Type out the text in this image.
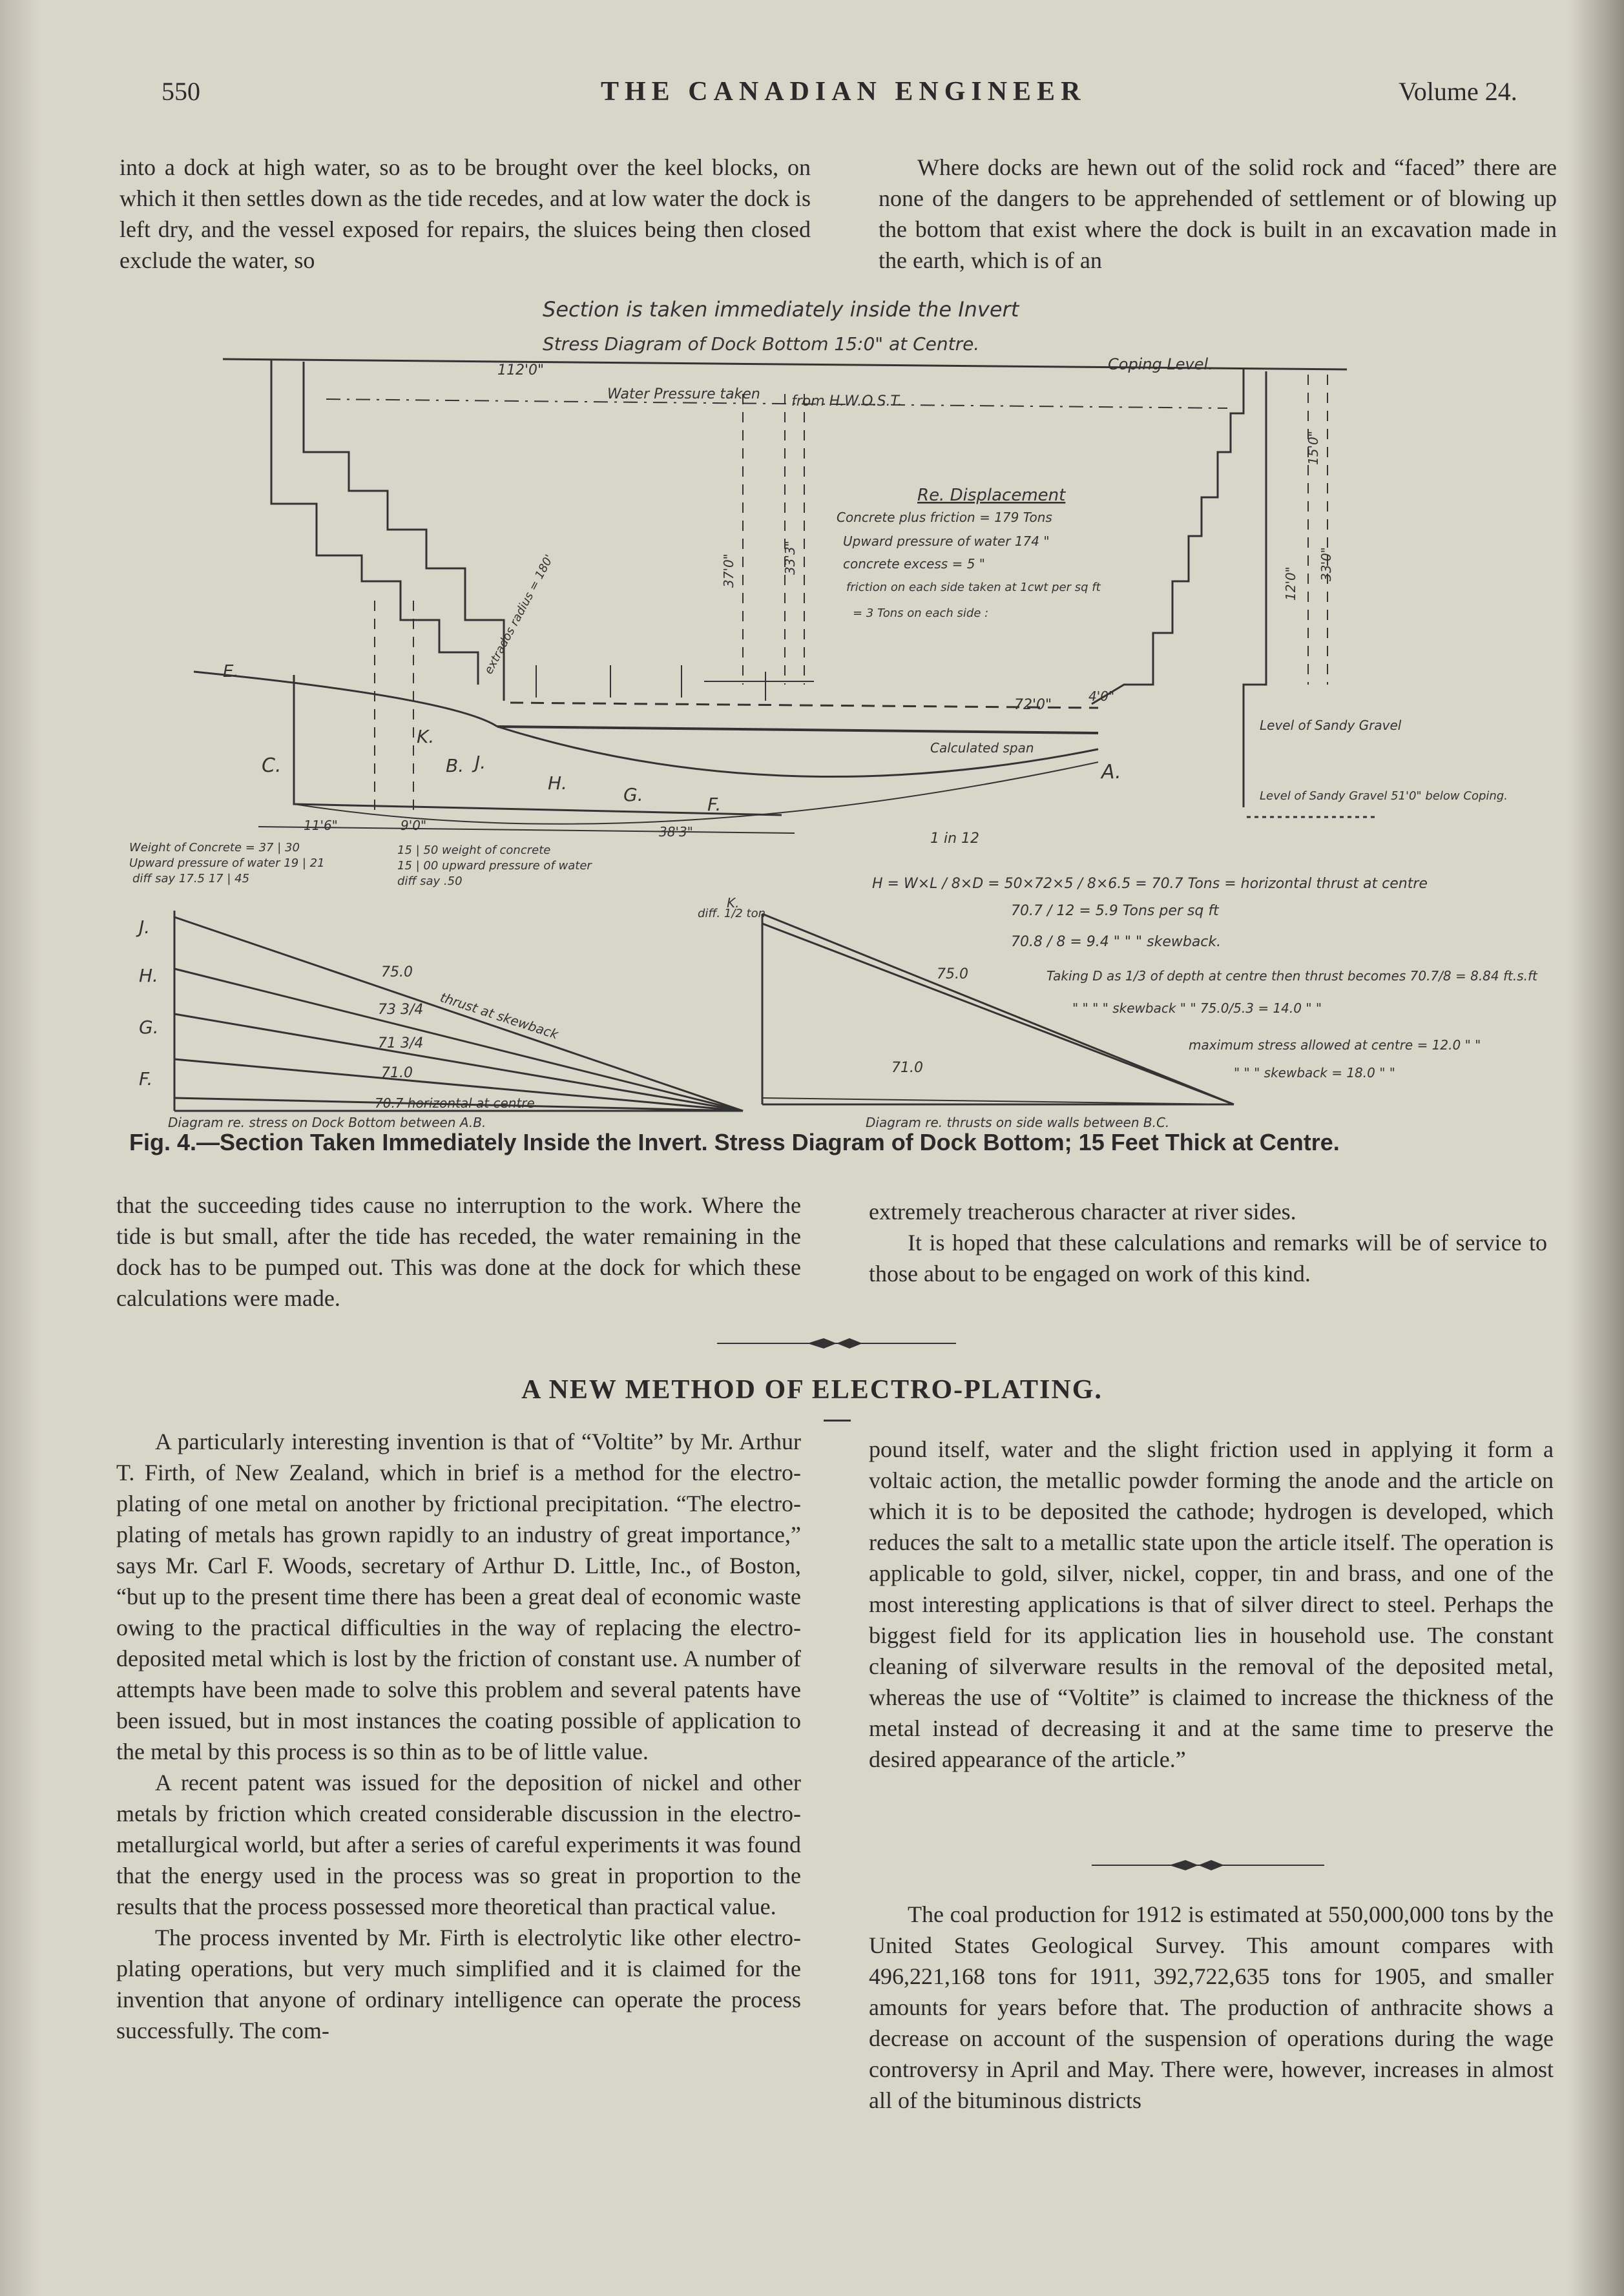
550	THE CANADIAN ENGINEER	Volume 24.

into a dock at high water, so as to be brought over the keel blocks, on which it then settles down as the tide recedes, and at low water the dock is left dry, and the vessel exposed for repairs, the sluices being then closed exclude the water, so

Where docks are hewn out of the solid rock and “faced” there are none of the dangers to be apprehended of settlement or of blowing up the bottom that exist where the dock is built in an excavation made in the earth, which is of an

Section is taken immediately inside the Invert
Stress Diagram of Dock Bottom 15:0" at Centre.
112'0"	Coping Level.
Water Pressure taken from H.W.O.S.T.
Re. Displacement
Concrete plus friction = 179 Tons
Upward pressure of water 174 "
concrete excess = 5 "
friction on each side taken at 1cwt per sq ft
= 3 Tons on each side :
37'0"	33'3"
72'0"
Calculated span
extrados radius = 180'
Level of Sandy Gravel
Level of Sandy Gravel 51'0" below Coping.
1 in 12
38'3"
11'6"	9'0"
15'0"
12'0"
33'0"
4'0"
C.
K.
B. J.
H.
G.	F.
A.
E.
Weight of Concrete = 37 | 30
Upward pressure of water 19 | 21
diff say 17.5 17 | 45
15 | 50 weight of concrete
15 | 00 upward pressure of water
diff say .50	H = W×L / 8×D = 50×72×5 / 8×6.5 = 70.7 Tons = horizontal thrust at centre
70.7 / 12 = 5.9 Tons per sq ft
70.8 / 8 = 9.4 " " " skewback.
Taking D as 1/3 of depth at centre then thrust becomes 70.7/8 = 8.84 ft.s.ft
" " " " skewback " " 75.0/5.3 = 14.0 " "
maximum stress allowed at centre = 12.0 " "
" " " skewback = 18.0 " "
J.
H.
G.
F.
75.0
73 3/4
71 3/4
71.0
70.7 horizontal at centre
thrust at skewback
Diagram re. stress on Dock Bottom between A.B.
K.
diff. 1/2 ton
75.0
71.0
Diagram re. thrusts on side walls between B.C.
Fig. 4.—Section Taken Immediately Inside the Invert. Stress Diagram of Dock Bottom; 15 Feet Thick at Centre.

that the succeeding tides cause no interruption to the work. Where the tide is but small, after the tide has receded, the water remaining in the dock has to be pumped out. This was done at the dock for which these calculations were made.

extremely treacherous character at river sides.

It is hoped that these calculations and remarks will be of service to those about to be engaged on work of this kind.

A NEW METHOD OF ELECTRO-PLATING.

A particularly interesting invention is that of “Voltite” by Mr. Arthur T. Firth, of New Zealand, which in brief is a method for the electro-plating of one metal on another by frictional precipitation. “The electro-plating of metals has grown rapidly to an industry of great importance,” says Mr. Carl F. Woods, secretary of Arthur D. Little, Inc., of Boston, “but up to the present time there has been a great deal of economic waste owing to the practical difficulties in the way of replacing the electro-deposited metal which is lost by the friction of constant use. A number of attempts have been made to solve this problem and several patents have been issued, but in most instances the coating possible of application to the metal by this process is so thin as to be of little value.

A recent patent was issued for the deposition of nickel and other metals by friction which created considerable discussion in the electro-metallurgical world, but after a series of careful experiments it was found that the energy used in the process was so great in proportion to the results that the process possessed more theoretical than practical value.

The process invented by Mr. Firth is electrolytic like other electro-plating operations, but very much simplified and it is claimed for the invention that anyone of ordinary intelligence can operate the process successfully. The com-

pound itself, water and the slight friction used in applying it form a voltaic action, the metallic powder forming the anode and the article on which it is to be deposited the cathode; hydrogen is developed, which reduces the salt to a metallic state upon the article itself. The operation is applicable to gold, silver, nickel, copper, tin and brass, and one of the most interesting applications is that of silver direct to steel. Perhaps the biggest field for its application lies in household use. The constant cleaning of silverware results in the removal of the deposited metal, whereas the use of “Voltite” is claimed to increase the thickness of the metal instead of decreasing it and at the same time to preserve the desired appearance of the article.”

The coal production for 1912 is estimated at 550,000,000 tons by the United States Geological Survey. This amount compares with 496,221,168 tons for 1911, 392,722,635 tons for 1905, and smaller amounts for years before that. The production of anthracite shows a decrease on account of the suspension of operations during the wage controversy in April and May. There were, however, increases in almost all of the bituminous districts
